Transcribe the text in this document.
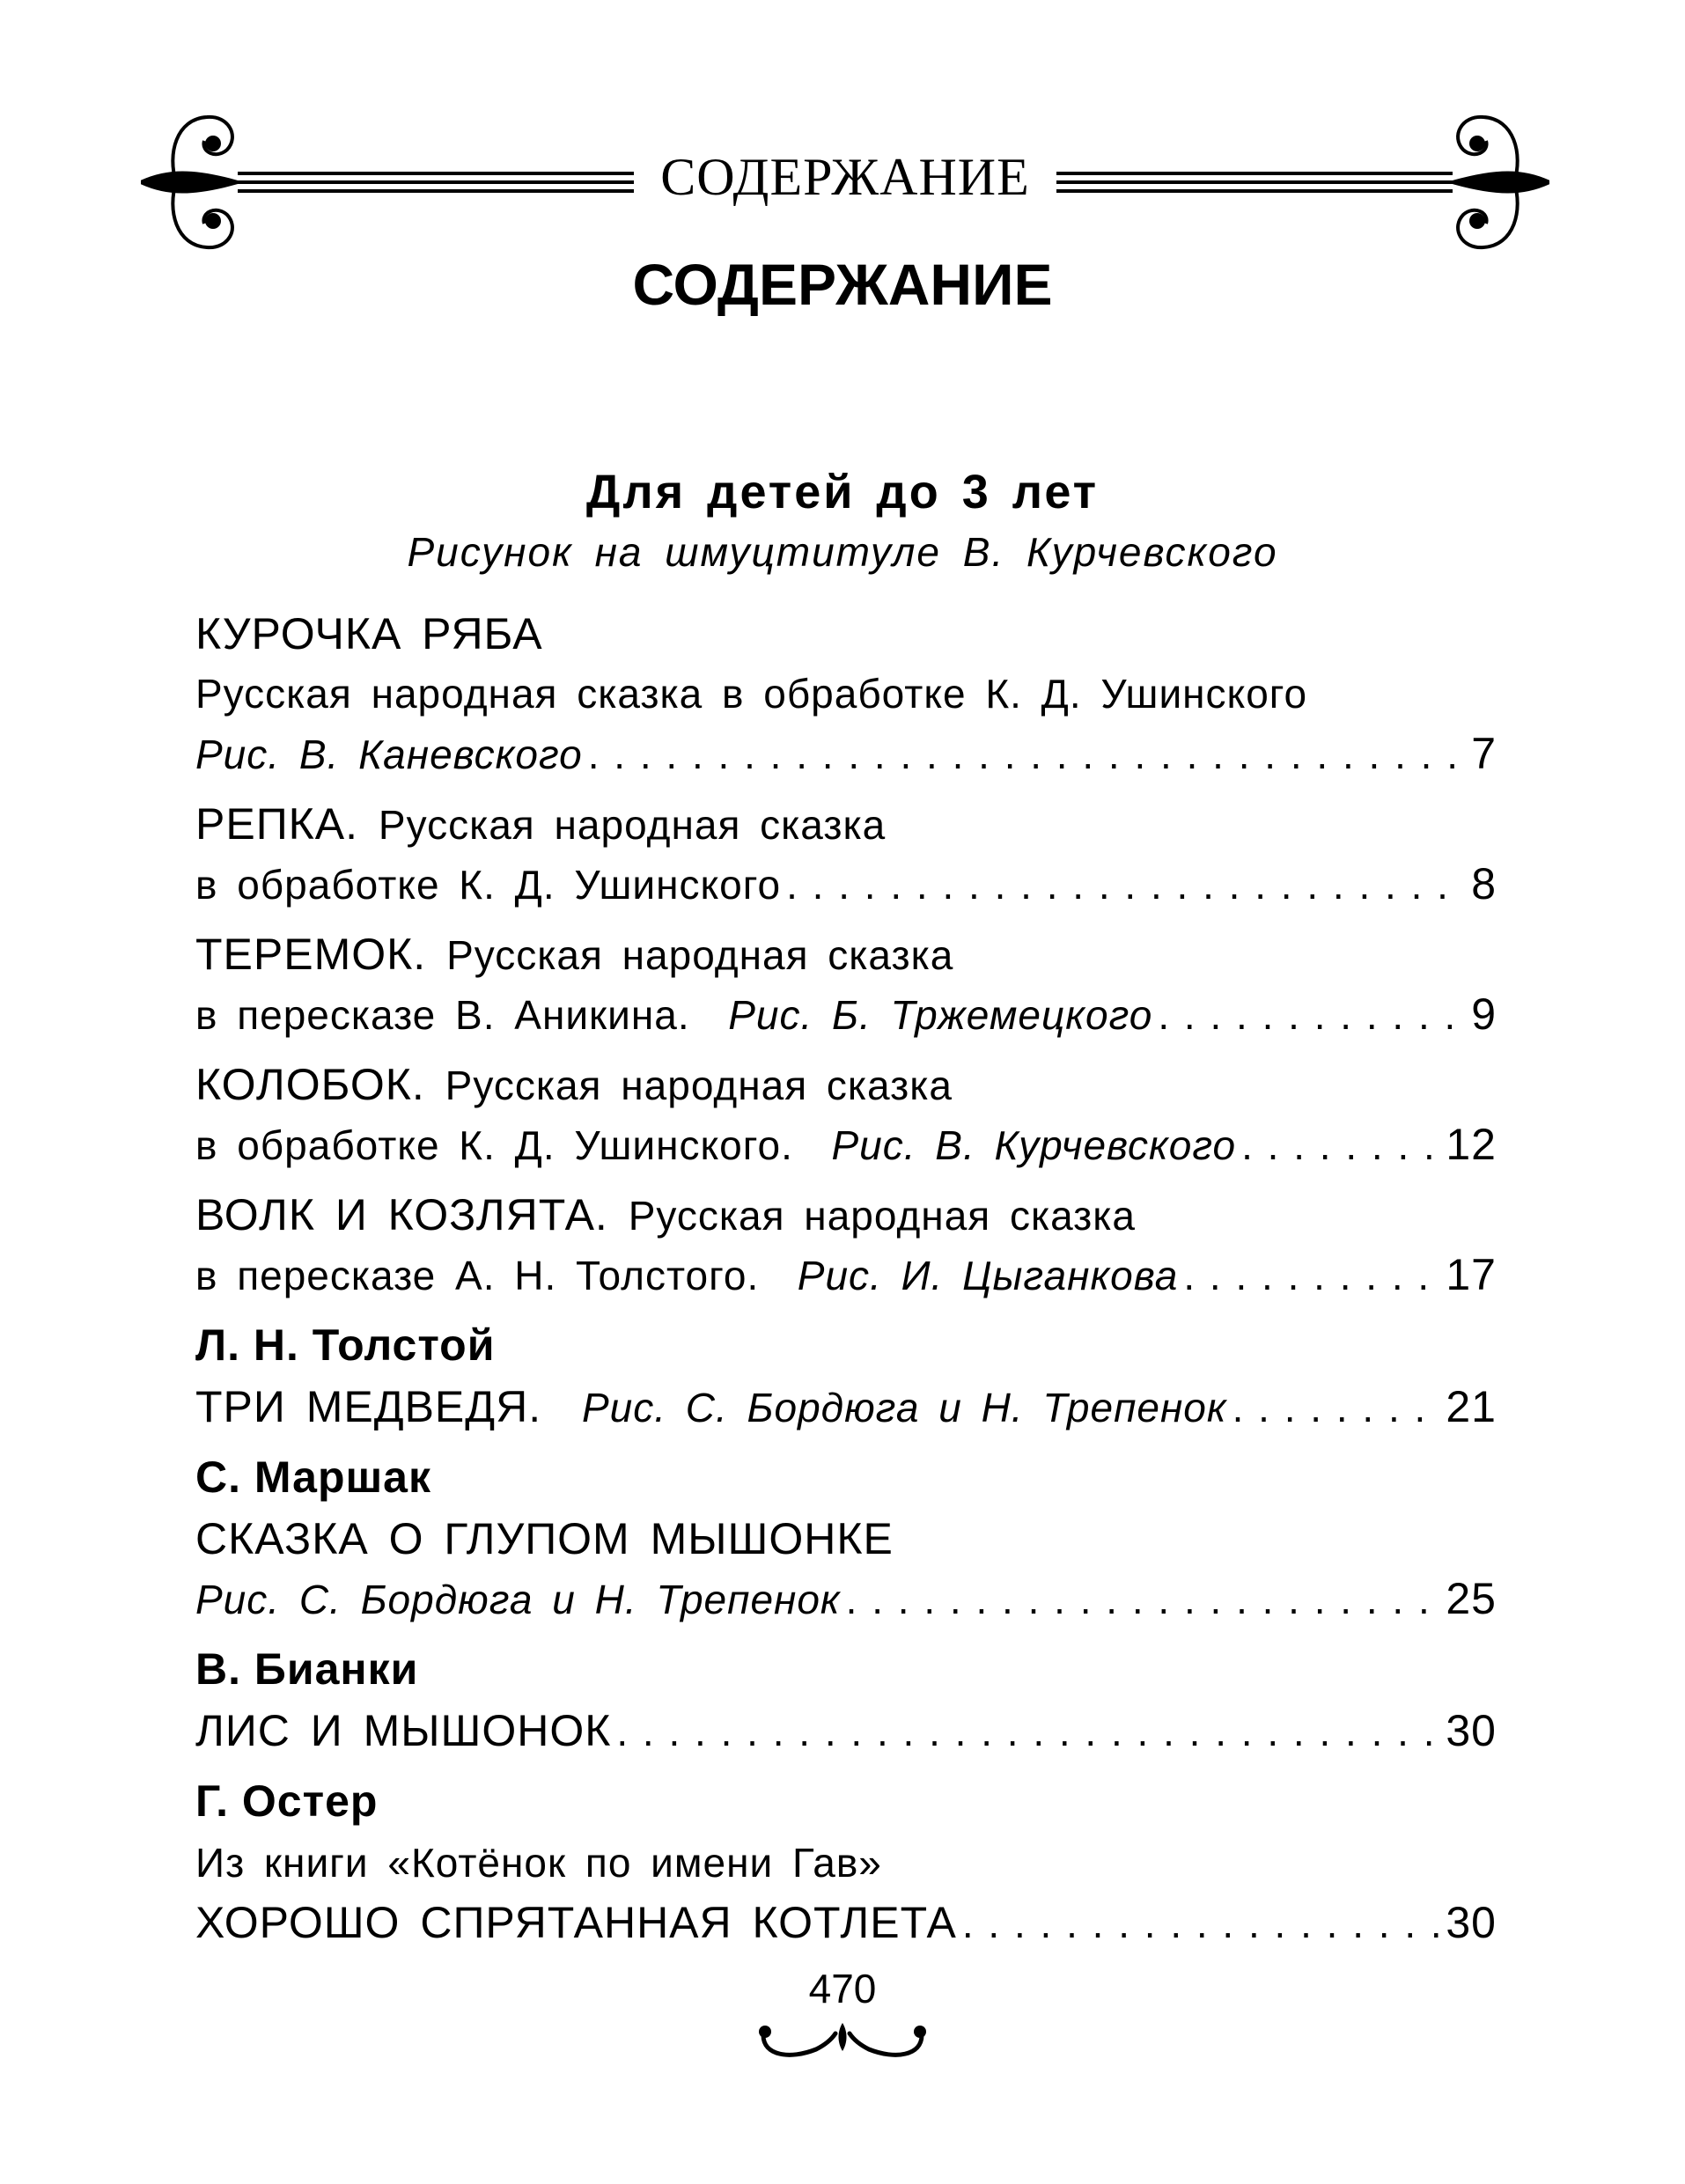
СОДЕРЖАНИЕ
СОДЕРЖАНИЕ
Для детей до 3 лет
Рисунок на шмуцтитуле В. Курчевского
КУРОЧКА РЯБА
Русская народная сказка в обработке К. Д. Ушинского
Рис. В. Каневского . . .	7
РЕПКА.
Русская народная сказка
в обработке К. Д. Ушинского . . .	8
ТЕРЕМОК.
Русская народная сказка
в пересказе В. Аникина.
Рис. Б. Тржемецкого . . .	9
КОЛОБОК.
Русская народная сказка
в обработке К. Д. Ушинского.
Рис. В. Курчевского . . .	12
ВОЛК И КОЗЛЯТА.
Русская народная сказка
в пересказе А. Н. Толстого.
Рис. И. Цыганкова . . .	17
Л. Н. Толстой
ТРИ МЕДВЕДЯ.
Рис. С. Бордюга и Н. Трепенок . . .	21
С. Маршак
СКАЗКА О ГЛУПОМ МЫШОНКЕ
Рис. С. Бордюга и Н. Трепенок . . .	25
В. Бианки
ЛИС И МЫШОНОК . . .	30
Г. Остер
Из книги «Котёнок по имени Гав»
ХОРОШО СПРЯТАННАЯ КОТЛЕТА . . .	30
470
